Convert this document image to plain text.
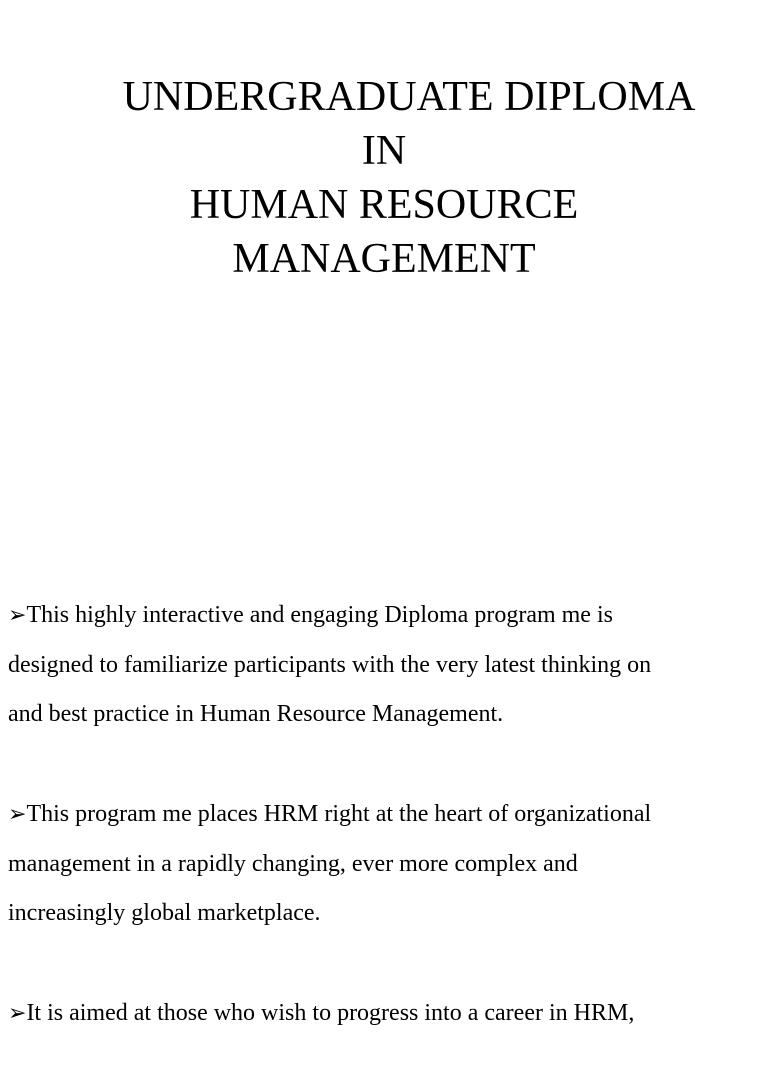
UNDERGRADUATE DIPLOMA
IN
HUMAN RESOURCE
MANAGEMENT
➢This highly interactive and engaging Diploma program me is
designed to familiarize participants with the very latest thinking on
and best practice in Human Resource Management.
➢This program me places HRM right at the heart of organizational
management in a rapidly changing, ever more complex and
increasingly global marketplace.
➢It is aimed at those who wish to progress into a career in HRM,
